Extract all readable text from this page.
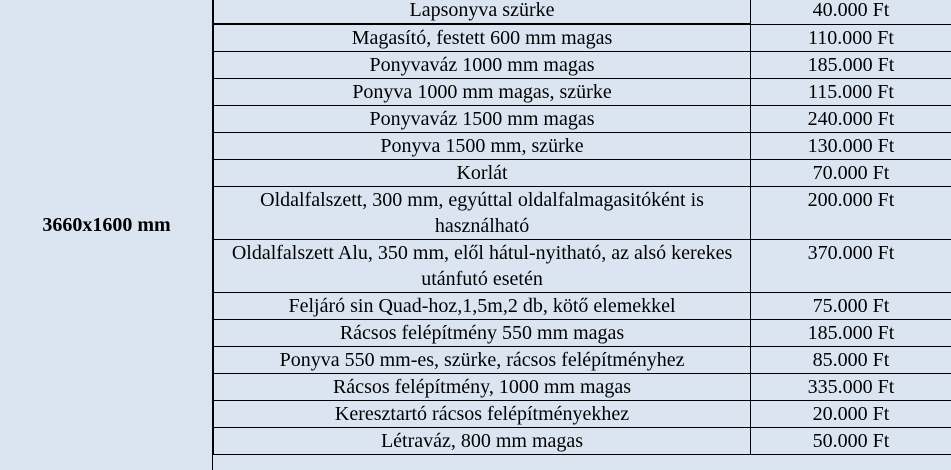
3660x1600 mm
Lapsonyva szürke	40.000 Ft
Magasító, festett 600 mm magas	110.000 Ft
Ponyvaváz 1000 mm magas	185.000 Ft
Ponyva 1000 mm magas, szürke	115.000 Ft
Ponyvaváz 1500 mm magas	240.000 Ft
Ponyva 1500 mm, szürke	130.000 Ft
Korlát	70.000 Ft
Oldalfalszett, 300 mm, egyúttal oldalfalmagasitóként is használható	200.000 Ft
Oldalfalszett Alu, 350 mm, elől hátul-nyitható, az alsó kerekes utánfutó esetén	370.000 Ft
Feljáró sin Quad-hoz,1,5m,2 db, kötő elemekkel	75.000 Ft
Rácsos felépítmény 550 mm magas	185.000 Ft
Ponyva 550 mm-es, szürke, rácsos felépítményhez	85.000 Ft
Rácsos felépítmény, 1000 mm magas	335.000 Ft
Keresztartó rácsos felépítményekhez	20.000 Ft
Létraváz, 800 mm magas	50.000 Ft
